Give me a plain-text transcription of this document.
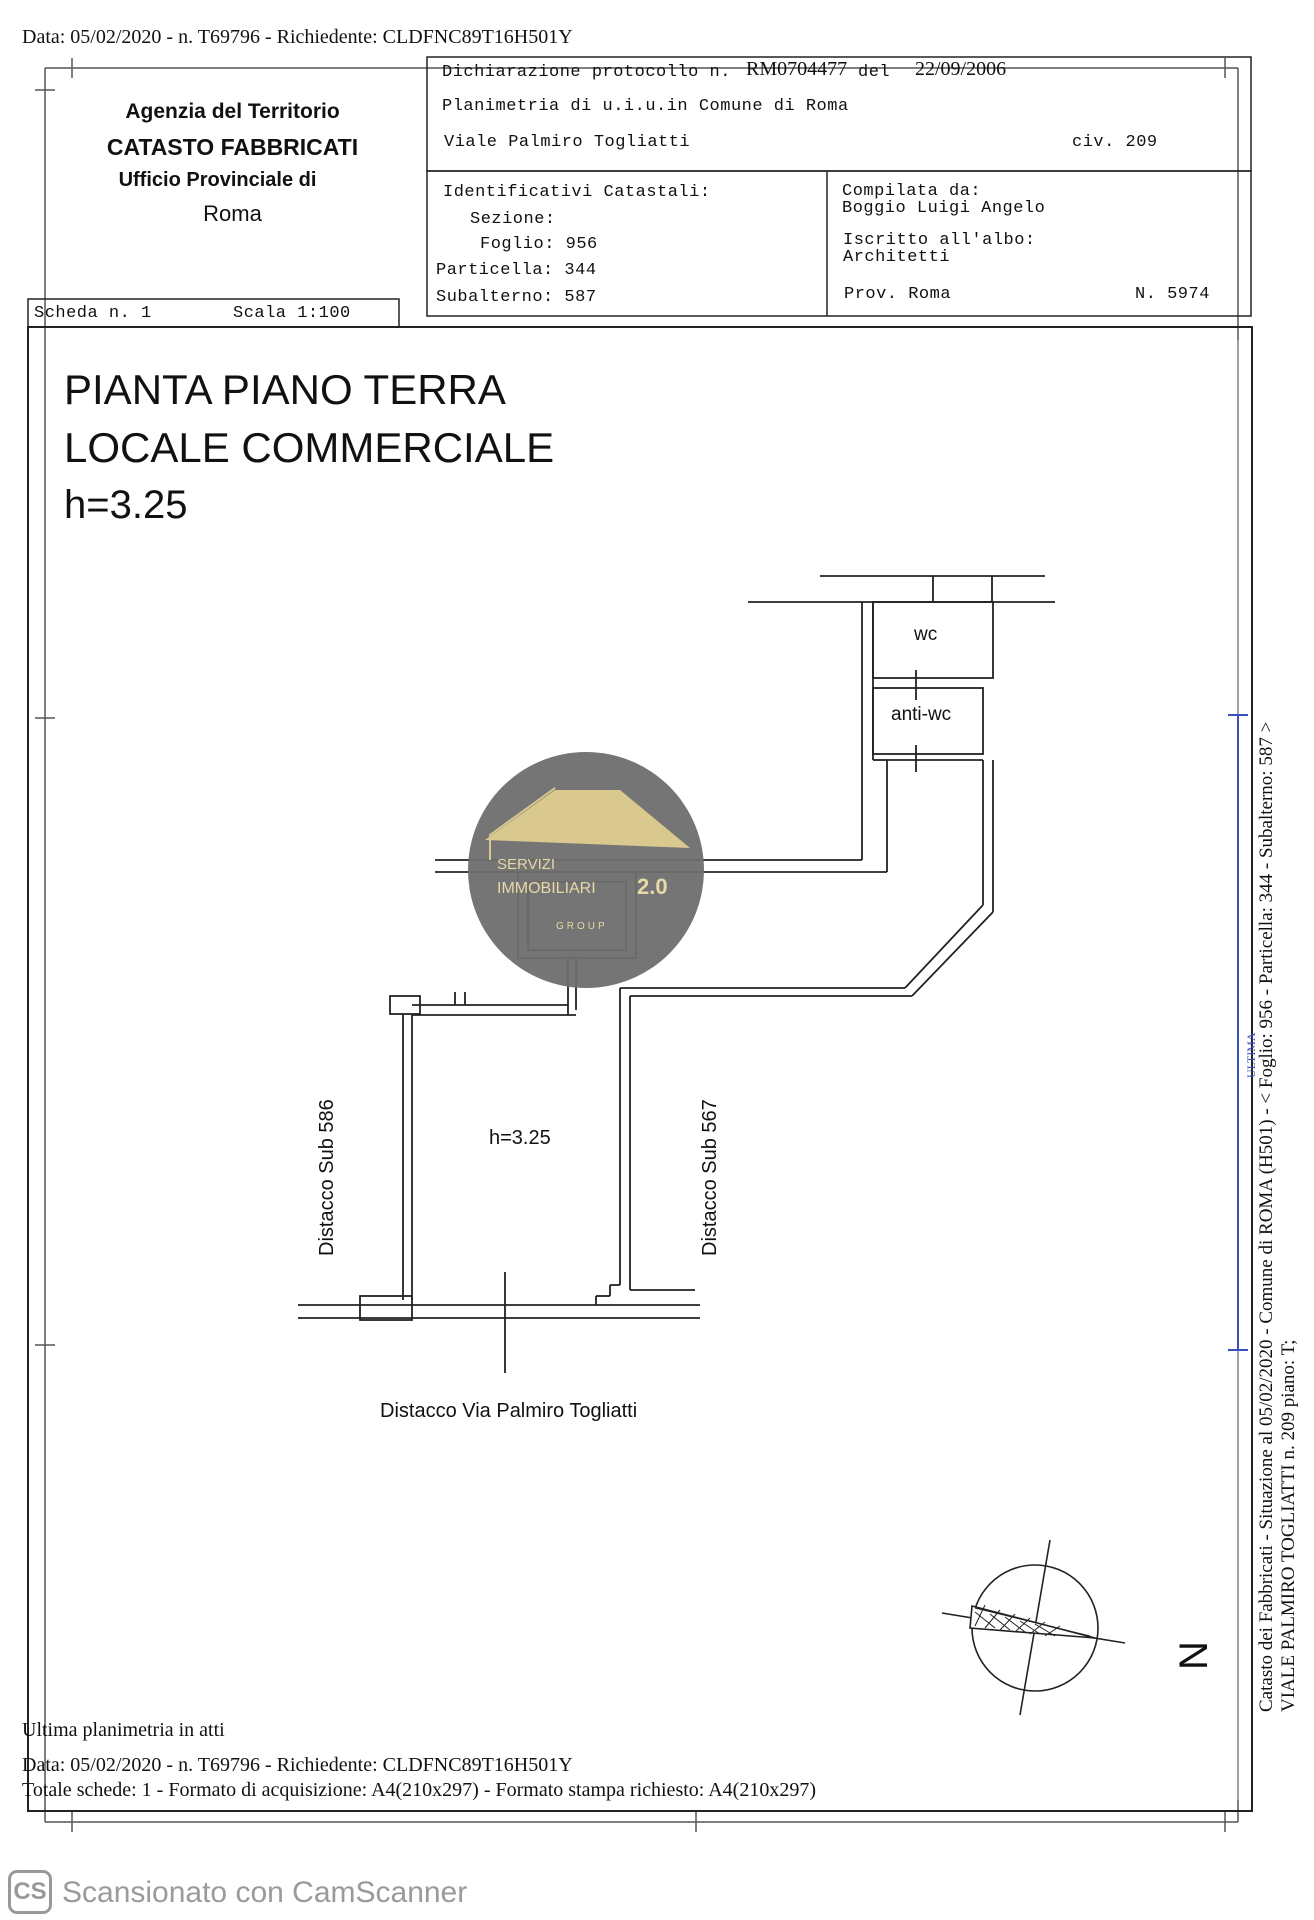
SERVIZI
IMMOBILIARI 2.0
GROUP
Data: 05/02/2020 - n. T69796 - Richiedente: CLDFNC89T16H501Y
Agenzia del Territorio
CATASTO FABBRICATI
Ufficio Provinciale di
Roma
Scheda n. 1	Scala 1:100
Dichiarazione protocollo n. RM0704477 del 22/09/2006
Planimetria di u.i.u.in Comune di Roma
Viale Palmiro Togliatti	civ. 209
Identificativi Catastali:
Sezione:
Foglio: 956
Particella: 344
Subalterno: 587
Compilata da:
Boggio Luigi Angelo
Iscritto all'albo:
Architetti
Prov. Roma	N. 5974
PIANTA PIANO TERRA
LOCALE COMMERCIALE
h=3.25
wc
anti-wc
h=3.25
Distacco Sub 586	Distacco Sub 567
Distacco Via Palmiro Togliatti
N Catasto dei Fabbricati - Situazione al 05/02/2020 - Comune di ROMA (H501) - < Foglio: 956 - Particella: 344 - Subalterno: 587 > VIALE PALMIRO TOGLIATTI n. 209 piano: T;
ULTIMA
Ultima planimetria in atti
Data: 05/02/2020 - n. T69796 - Richiedente: CLDFNC89T16H501Y
Totale schede: 1 - Formato di acquisizione: A4(210x297) - Formato stampa richiesto: A4(210x297)
CS Scansionato con CamScanner
